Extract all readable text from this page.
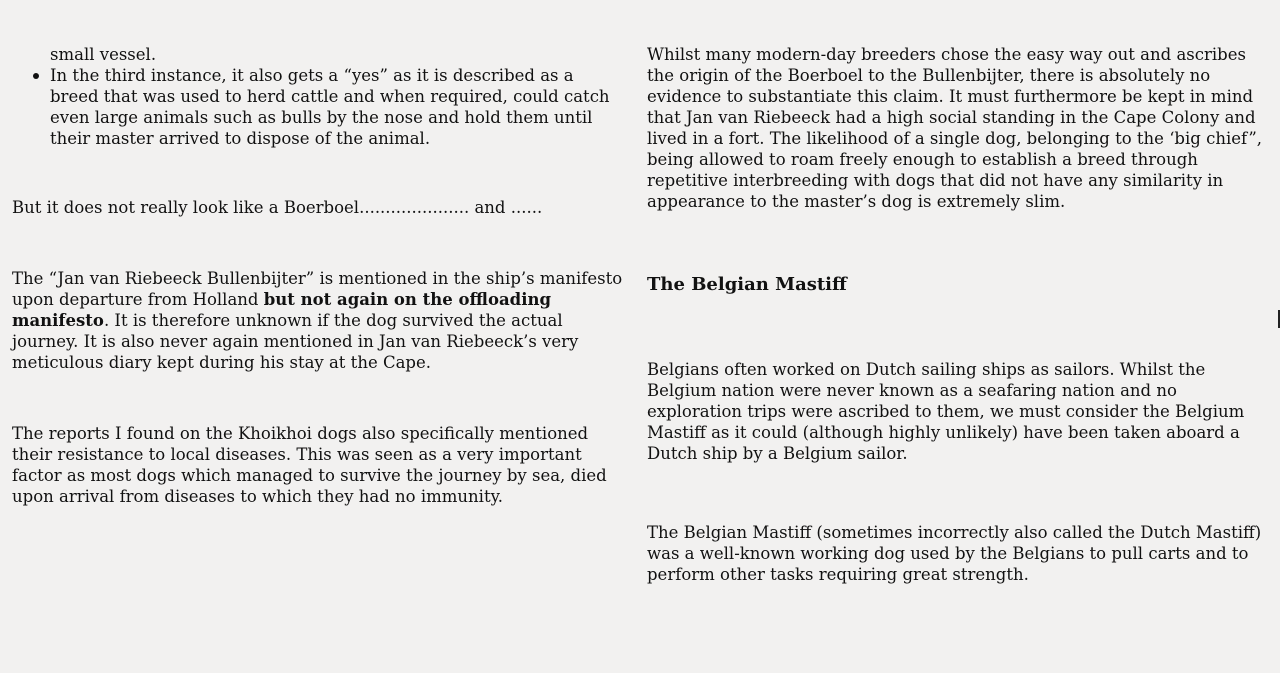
small vessel.

In the third instance, it also gets a “yes” as it is described as a breed that was used to herd cattle and when required, could catch even large animals such as bulls by the nose and hold them until their master arrived to dispose of the animal.

But it does not really look like a Boerboel..................... and ......

The “Jan van Riebeeck Bullenbijter” is mentioned in the ship’s manifesto upon departure from Holland but not again on the offloading manifesto. It is therefore unknown if the dog survived the actual journey. It is also never again mentioned in Jan van Riebeeck’s very meticulous diary kept during his stay at the Cape.

The reports I found on the Khoikhoi dogs also specifically mentioned their resistance to local diseases. This was seen as a very important factor as most dogs which managed to survive the journey by sea, died upon arrival from diseases to which they had no immunity.

Whilst many modern-day breeders chose the easy way out and ascribes the origin of the Boerboel to the Bullenbijter, there is absolutely no evidence to substantiate this claim. It must furthermore be kept in mind that Jan van Riebeeck had a high social standing in the Cape Colony and lived in a fort. The likelihood of a single dog, belonging to the ‘big chief”, being allowed to roam freely enough to establish a breed through repetitive interbreeding with dogs that did not have any similarity in appearance to the master’s dog is extremely slim.

The Belgian Mastiff

Belgians often worked on Dutch sailing ships as sailors. Whilst the Belgium nation were never known as a seafaring nation and no exploration trips were ascribed to them, we must consider the Belgium Mastiff as it could (although highly unlikely) have been taken aboard a Dutch ship by a Belgium sailor.

The Belgian Mastiff (sometimes incorrectly also called the Dutch Mastiff) was a well-known working dog used by the Belgians to pull carts and to perform other tasks requiring great strength.
